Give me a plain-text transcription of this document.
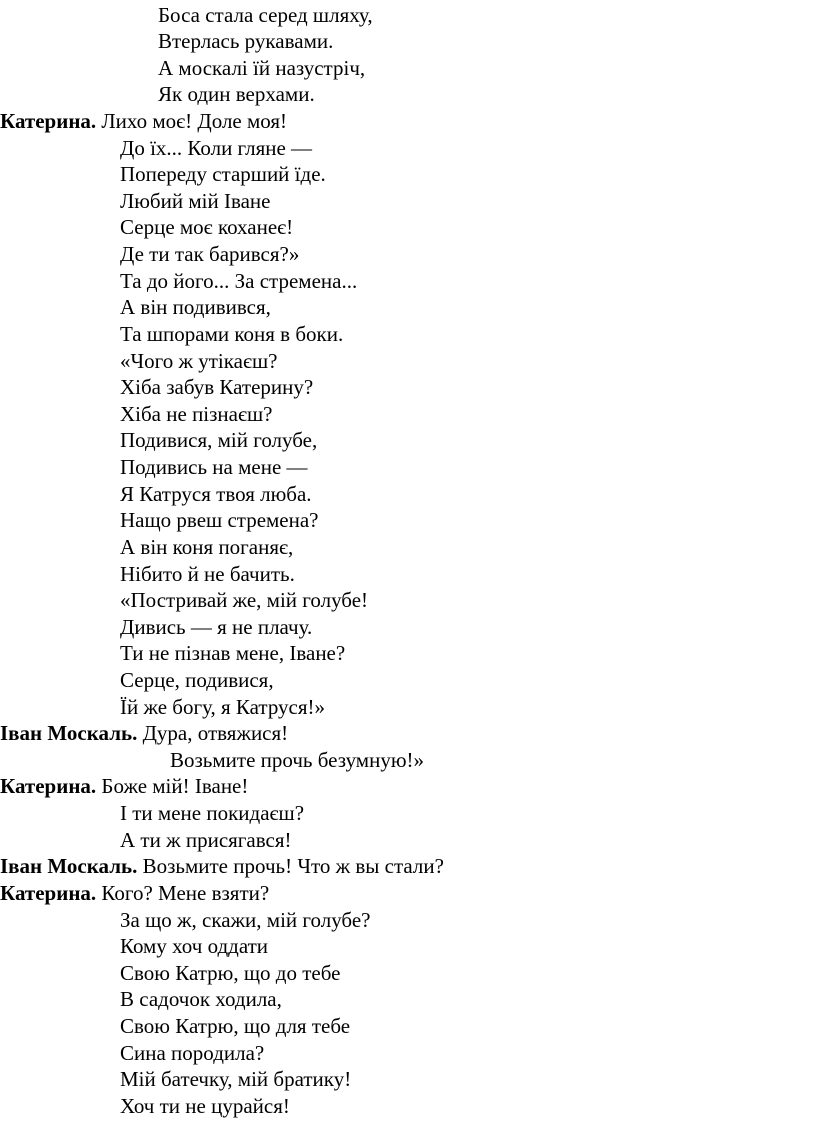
Боса стала серед шляху,
Втерлась рукавами.
А москалі їй назустріч,
Як один верхами.
Катерина. Лихо моє! Доле моя!
До їх... Коли гляне —
Попереду старший їде.
Любий мій Іване
Серце моє коханеє!
Де ти так барився?»
Та до його... За стремена...
А він подивився,
Та шпорами коня в боки.
«Чого ж утікаєш?
Хіба забув Катерину?
Хіба не пізнаєш?
Подивися, мій голубе,
Подивись на мене —
Я Катруся твоя люба.
Нащо рвеш стремена?
А він коня поганяє,
Нібито й не бачить.
«Постривай же, мій голубе!
Дивись — я не плачу.
Ти не пізнав мене, Іване?
Серце, подивися,
Їй же богу, я Катруся!»
Іван Москаль. Дура, отвяжися!
Возьмите прочь безумную!»
Катерина. Боже мій! Іване!
І ти мене покидаєш?
А ти ж присягався!
Іван Москаль. Возьмите прочь! Что ж вы стали?
Катерина. Кого? Мене взяти?
За що ж, скажи, мій голубе?
Кому хоч оддати
Свою Катрю, що до тебе
В садочок ходила,
Свою Катрю, що для тебе
Сина породила?
Мій батечку, мій братику!
Хоч ти не цурайся!
